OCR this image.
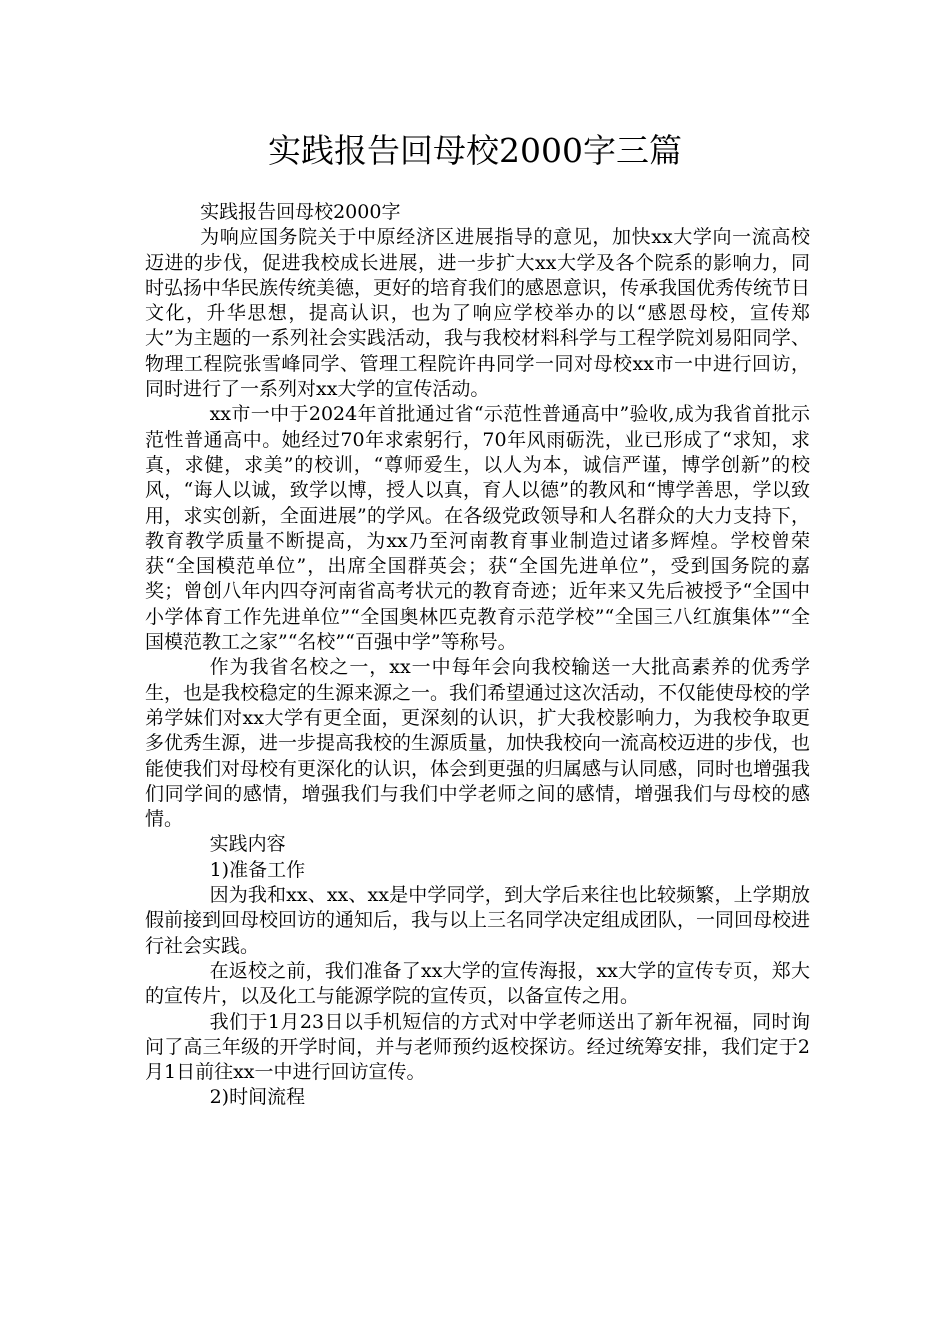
实践报告回母校2000字三篇

实践报告回母校2000字

为响应国务院关于中原经济区进展指导的意见，加快xx大学向一流高校迈进的步伐，促进我校成长进展，进一步扩大xx大学及各个院系的影响力，同时弘扬中华民族传统美德，更好的培育我们的感恩意识，传承我国优秀传统节日文化，升华思想，提高认识，也为了响应学校举办的以“感恩母校，宣传郑大”为主题的一系列社会实践活动，我与我校材料科学与工程学院刘易阳同学、物理工程院张雪峰同学、管理工程院许冉同学一同对母校xx市一中进行回访，同时进行了一系列对xx大学的宣传活动。

xx市一中于2024年首批通过省“示范性普通高中”验收,成为我省首批示范性普通高中。她经过70年求索躬行，70年风雨砺洗，业已形成了“求知，求真，求健，求美”的校训，“尊师爱生，以人为本，诚信严谨，博学创新”的校风，“诲人以诚，致学以博，授人以真，育人以德”的教风和“博学善思，学以致用，求实创新，全面进展”的学风。在各级党政领导和人名群众的大力支持下，教育教学质量不断提高，为xx乃至河南教育事业制造过诸多辉煌。学校曾荣获“全国模范单位”，出席全国群英会；获“全国先进单位”，受到国务院的嘉奖；曾创八年内四夺河南省高考状元的教育奇迹；近年来又先后被授予“全国中小学体育工作先进单位”“全国奥林匹克教育示范学校”“全国三八红旗集体”“全国模范教工之家”“名校”“百强中学”等称号。

作为我省名校之一，xx一中每年会向我校输送一大批高素养的优秀学生，也是我校稳定的生源来源之一。我们希望通过这次活动，不仅能使母校的学弟学妹们对xx大学有更全面，更深刻的认识，扩大我校影响力，为我校争取更多优秀生源，进一步提高我校的生源质量，加快我校向一流高校迈进的步伐，也能使我们对母校有更深化的认识，体会到更强的归属感与认同感，同时也增强我们同学间的感情，增强我们与我们中学老师之间的感情，增强我们与母校的感情。

实践内容

1)准备工作

因为我和xx、xx、xx是中学同学，到大学后来往也比较频繁，上学期放假前接到回母校回访的通知后，我与以上三名同学决定组成团队，一同回母校进行社会实践。

在返校之前，我们准备了xx大学的宣传海报，xx大学的宣传专页，郑大的宣传片，以及化工与能源学院的宣传页，以备宣传之用。

我们于1月23日以手机短信的方式对中学老师送出了新年祝福，同时询问了高三年级的开学时间，并与老师预约返校探访。经过统筹安排，我们定于2月1日前往xx一中进行回访宣传。

2)时间流程
